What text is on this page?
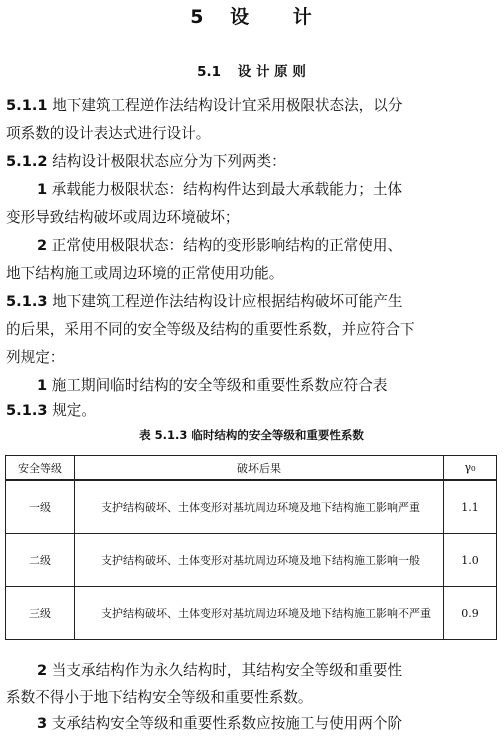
5 设 计
5.1 设 计 原 则
5.1.1 地下建筑工程逆作法结构设计宜采用极限状态法，以分
项系数的设计表达式进行设计。
5.1.2 结构设计极限状态应分为下列两类：
1 承载能力极限状态：结构构件达到最大承载能力；土体
变形导致结构破坏或周边环境破坏；
2 正常使用极限状态：结构的变形影响结构的正常使用、
地下结构施工或周边环境的正常使用功能。
5.1.3 地下建筑工程逆作法结构设计应根据结构破坏可能产生
的后果，采用不同的安全等级及结构的重要性系数，并应符合下
列规定：
1 施工期间临时结构的安全等级和重要性系数应符合表
5.1.3 规定。
表 5.1.3 临时结构的安全等级和重要性系数
安全等级	破坏后果	γ₀
一级	支护结构破坏、土体变形对基坑周边环境及地下结构施工影响严重	1.1
二级	支护结构破坏、土体变形对基坑周边环境及地下结构施工影响一般	1.0
三级	支护结构破坏、土体变形对基坑周边环境及地下结构施工影响不严重	0.9
2 当支承结构作为永久结构时，其结构安全等级和重要性
系数不得小于地下结构安全等级和重要性系数。
3 支承结构安全等级和重要性系数应按施工与使用两个阶
